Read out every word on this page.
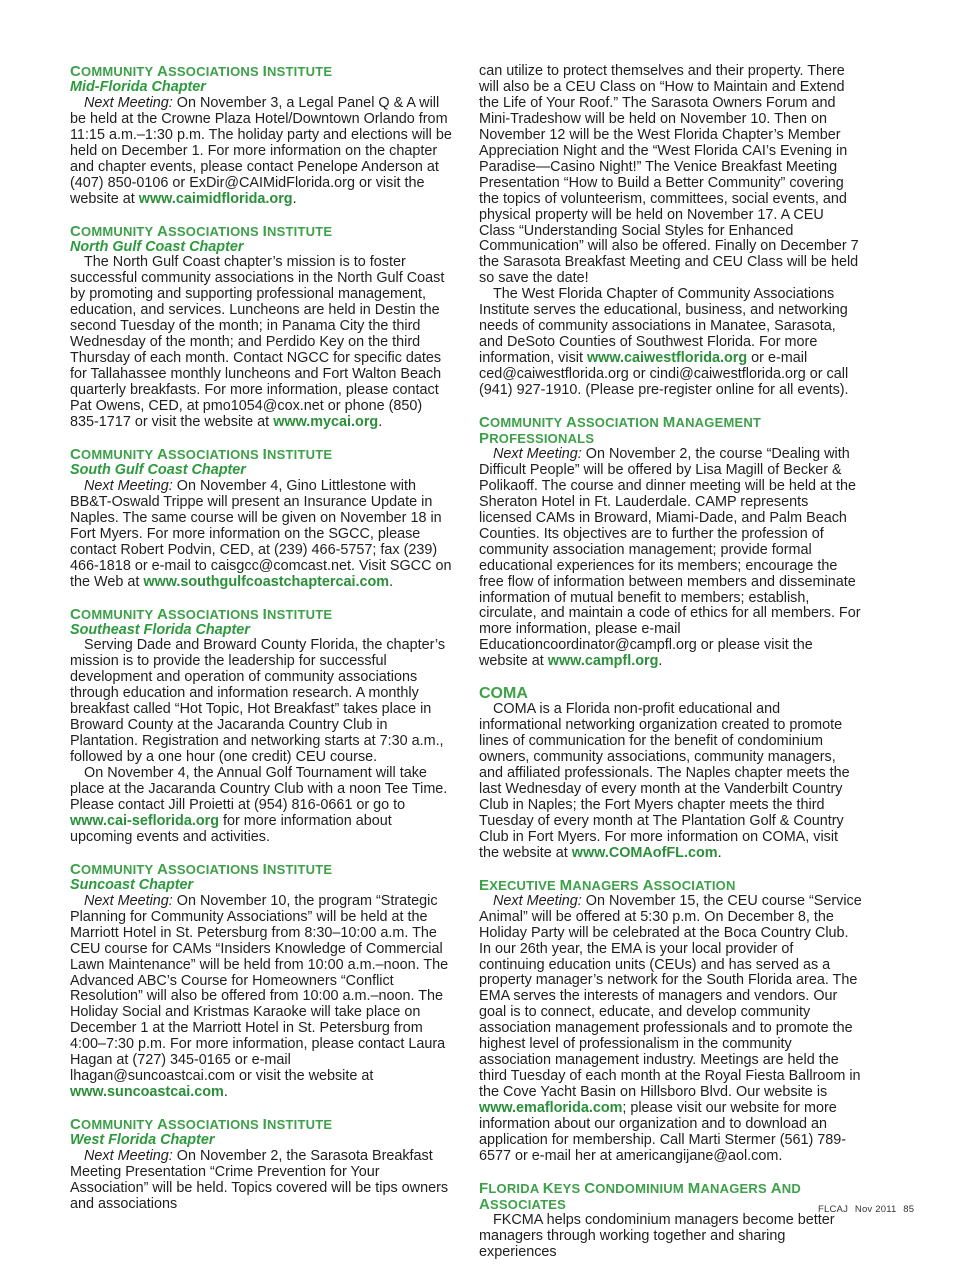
COMMUNITY ASSOCIATIONS INSTITUTE
Mid-Florida Chapter

Next Meeting: On November 3, a Legal Panel Q & A will be held at the Crowne Plaza Hotel/Downtown Orlando from 11:15 a.m.–1:30 p.m. The holiday party and elections will be held on December 1. For more information on the chapter and chapter events, please contact Penelope Anderson at (407) 850-0106 or ExDir@CAIMidFlorida.org or visit the website at www.caimidflorida.org.

COMMUNITY ASSOCIATIONS INSTITUTE
North Gulf Coast Chapter

The North Gulf Coast chapter’s mission is to foster successful community associations in the North Gulf Coast by promoting and supporting professional management, education, and services. Luncheons are held in Destin the second Tuesday of the month; in Panama City the third Wednesday of the month; and Perdido Key on the third Thursday of each month. Contact NGCC for specific dates for Tallahassee monthly luncheons and Fort Walton Beach quarterly breakfasts. For more information, please contact Pat Owens, CED, at pmo1054@cox.net or phone (850) 835-1717 or visit the website at www.mycai.org.

COMMUNITY ASSOCIATIONS INSTITUTE
South Gulf Coast Chapter

Next Meeting: On November 4, Gino Littlestone with BB&T-Oswald Trippe will present an Insurance Update in Naples. The same course will be given on November 18 in Fort Myers. For more information on the SGCC, please contact Robert Podvin, CED, at (239) 466-5757; fax (239) 466-1818 or e-mail to caisgcc@comcast.net. Visit SGCC on the Web at www.southgulfcoastchaptercai.com.

COMMUNITY ASSOCIATIONS INSTITUTE
Southeast Florida Chapter

Serving Dade and Broward County Florida, the chapter’s mission is to provide the leadership for successful development and operation of community associations through education and information research. A monthly breakfast called “Hot Topic, Hot Breakfast” takes place in Broward County at the Jacaranda Country Club in Plantation. Registration and networking starts at 7:30 a.m., followed by a one hour (one credit) CEU course.

On November 4, the Annual Golf Tournament will take place at the Jacaranda Country Club with a noon Tee Time. Please contact Jill Proietti at (954) 816-0661 or go to www.cai-seflorida.org for more information about upcoming events and activities.

COMMUNITY ASSOCIATIONS INSTITUTE
Suncoast Chapter

Next Meeting: On November 10, the program “Strategic Planning for Community Associations” will be held at the Marriott Hotel in St. Petersburg from 8:30–10:00 a.m. The CEU course for CAMs “Insiders Knowledge of Commercial Lawn Maintenance” will be held from 10:00 a.m.–noon. The Advanced ABC’s Course for Homeowners “Conflict Resolution” will also be offered from 10:00 a.m.–noon. The Holiday Social and Kristmas Karaoke will take place on December 1 at the Marriott Hotel in St. Petersburg from 4:00–7:30 p.m. For more information, please contact Laura Hagan at (727) 345-0165 or e-mail lhagan@suncoastcai.com or visit the website at www.suncoastcai.com.

COMMUNITY ASSOCIATIONS INSTITUTE
West Florida Chapter

Next Meeting: On November 2, the Sarasota Breakfast Meeting Presentation “Crime Prevention for Your Association” will be held. Topics covered will be tips owners and associations

can utilize to protect themselves and their property. There will also be a CEU Class on “How to Maintain and Extend the Life of Your Roof.” The Sarasota Owners Forum and Mini-Tradeshow will be held on November 10. Then on November 12 will be the West Florida Chapter’s Member Appreciation Night and the “West Florida CAI’s Evening in Paradise—Casino Night!” The Venice Breakfast Meeting Presentation “How to Build a Better Community” covering the topics of volunteerism, committees, social events, and physical property will be held on November 17. A CEU Class “Understanding Social Styles for Enhanced Communication” will also be offered. Finally on December 7 the Sarasota Breakfast Meeting and CEU Class will be held so save the date!

The West Florida Chapter of Community Associations Institute serves the educational, business, and networking needs of community associations in Manatee, Sarasota, and DeSoto Counties of Southwest Florida. For more information, visit www.caiwestflorida.org or e-mail ced@caiwestflorida.org or cindi@caiwestflorida.org or call (941) 927-1910. (Please pre-register online for all events).

COMMUNITY ASSOCIATION MANAGEMENT PROFESSIONALS

Next Meeting: On November 2, the course “Dealing with Difficult People” will be offered by Lisa Magill of Becker & Polikaoff. The course and dinner meeting will be held at the Sheraton Hotel in Ft. Lauderdale. CAMP represents licensed CAMs in Broward, Miami-Dade, and Palm Beach Counties. Its objectives are to further the profession of community association management; provide formal educational experiences for its members; encourage the free flow of information between members and disseminate information of mutual benefit to members; establish, circulate, and maintain a code of ethics for all members. For more information, please e-mail Educationcoordinator@campfl.org or please visit the website at www.campfl.org.

COMA

COMA is a Florida non-profit educational and informational networking organization created to promote lines of communication for the benefit of condominium owners, community associations, community managers, and affiliated professionals. The Naples chapter meets the last Wednesday of every month at the Vanderbilt Country Club in Naples; the Fort Myers chapter meets the third Tuesday of every month at The Plantation Golf & Country Club in Fort Myers. For more information on COMA, visit the website at www.COMAofFL.com.

EXECUTIVE MANAGERS ASSOCIATION

Next Meeting: On November 15, the CEU course “Service Animal” will be offered at 5:30 p.m. On December 8, the Holiday Party will be celebrated at the Boca Country Club. In our 26th year, the EMA is your local provider of continuing education units (CEUs) and has served as a property manager’s network for the South Florida area. The EMA serves the interests of managers and vendors. Our goal is to connect, educate, and develop community association management professionals and to promote the highest level of professionalism in the community association management industry. Meetings are held the third Tuesday of each month at the Royal Fiesta Ballroom in the Cove Yacht Basin on Hillsboro Blvd. Our website is www.emaflorida.com; please visit our website for more information about our organization and to download an application for membership. Call Marti Stermer (561) 789-6577 or e-mail her at americangijane@aol.com.

FLORIDA KEYS CONDOMINIUM MANAGERS AND ASSOCIATES

FKCMA helps condominium managers become better managers through working together and sharing experiences

FLCAJ Nov 2011 85
